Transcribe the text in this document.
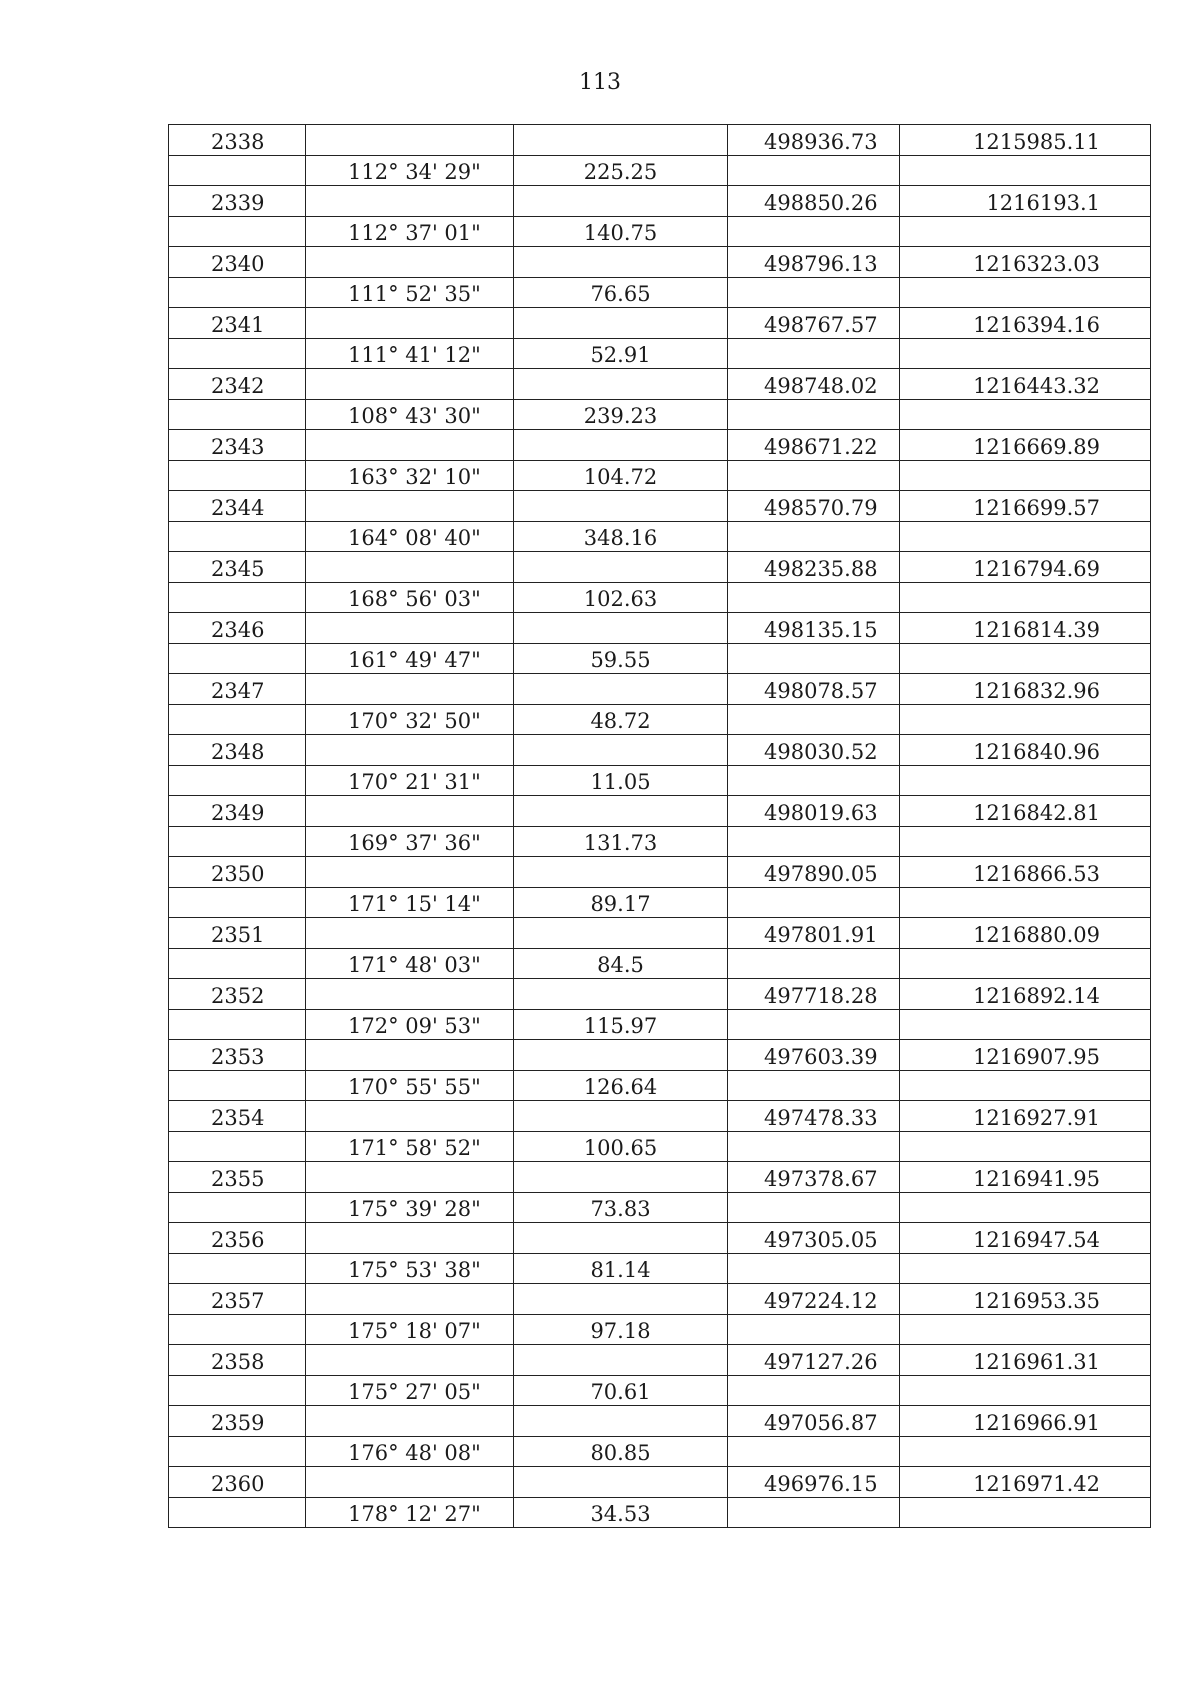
113
2338			498936.73	1215985.11
	112° 34' 29"	225.25		
2339			498850.26	1216193.1
	112° 37' 01"	140.75		
2340			498796.13	1216323.03
	111° 52' 35"	76.65		
2341			498767.57	1216394.16
	111° 41' 12"	52.91		
2342			498748.02	1216443.32
	108° 43' 30"	239.23		
2343			498671.22	1216669.89
	163° 32' 10"	104.72		
2344			498570.79	1216699.57
	164° 08' 40"	348.16		
2345			498235.88	1216794.69
	168° 56' 03"	102.63		
2346			498135.15	1216814.39
	161° 49' 47"	59.55		
2347			498078.57	1216832.96
	170° 32' 50"	48.72		
2348			498030.52	1216840.96
	170° 21' 31"	11.05		
2349			498019.63	1216842.81
	169° 37' 36"	131.73		
2350			497890.05	1216866.53
	171° 15' 14"	89.17		
2351			497801.91	1216880.09
	171° 48' 03"	84.5		
2352			497718.28	1216892.14
	172° 09' 53"	115.97		
2353			497603.39	1216907.95
	170° 55' 55"	126.64		
2354			497478.33	1216927.91
	171° 58' 52"	100.65		
2355			497378.67	1216941.95
	175° 39' 28"	73.83		
2356			497305.05	1216947.54
	175° 53' 38"	81.14		
2357			497224.12	1216953.35
	175° 18' 07"	97.18		
2358			497127.26	1216961.31
	175° 27' 05"	70.61		
2359			497056.87	1216966.91
	176° 48' 08"	80.85		
2360			496976.15	1216971.42
	178° 12' 27"	34.53		
